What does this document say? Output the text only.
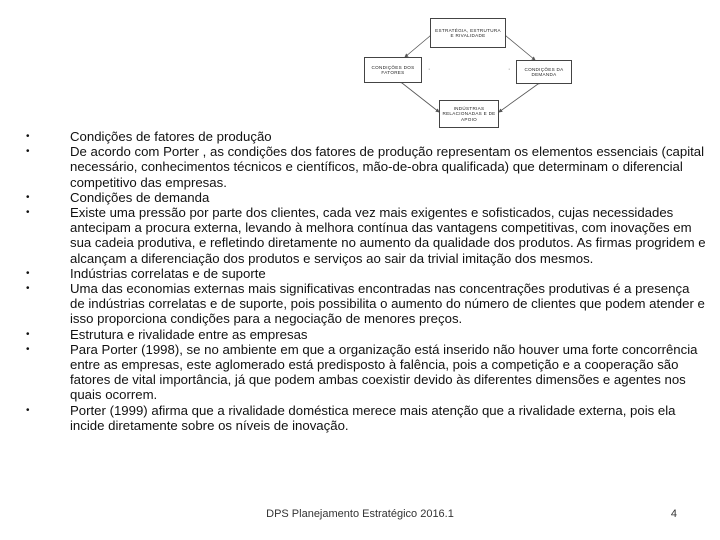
ESTRATÉGIA, ESTRUTURA
E RIVALIDADE
CONDIÇÕES DOS
FATORES
CONDIÇÕES DA
DEMANDA
INDÚSTRIAS
RELACIONADAS E DE
APOIO
·	·
•	Condições de fatores de produção
•	De acordo com Porter , as condições dos fatores de produção representam os elementos essenciais (capital necessário, conhecimentos técnicos e científicos, mão-de-obra qualificada) que determinam o diferencial competitivo das empresas.
•	Condições de demanda
•	Existe uma pressão por parte dos clientes, cada vez mais exigentes e sofisticados, cujas necessidades antecipam a procura externa, levando à melhora contínua das vantagens competitivas, com inovações em sua cadeia produtiva, e refletindo diretamente no aumento da qualidade dos produtos. As firmas progridem e alcançam a diferenciação dos produtos e serviços ao sair da trivial imitação dos mesmos.
•	Indústrias correlatas e de suporte
•	Uma das economias externas mais significativas encontradas nas concentrações produtivas é a presença de indústrias correlatas e de suporte, pois possibilita o aumento do número de clientes que podem atender e isso proporciona condições para a negociação de menores preços.
•	Estrutura e rivalidade entre as empresas
•	Para Porter (1998), se no ambiente em que a organização está inserido não houver uma forte concorrência entre as empresas, este aglomerado está predisposto à falência, pois a competição e a cooperação são fatores de vital importância, já que podem ambas coexistir devido às diferentes dimensões e agentes nos quais ocorrem.
•	Porter (1999) afirma que a rivalidade doméstica merece mais atenção que a rivalidade externa, pois ela incide diretamente sobre os níveis de inovação.
DPS Planejamento Estratégico 2016.1	4
